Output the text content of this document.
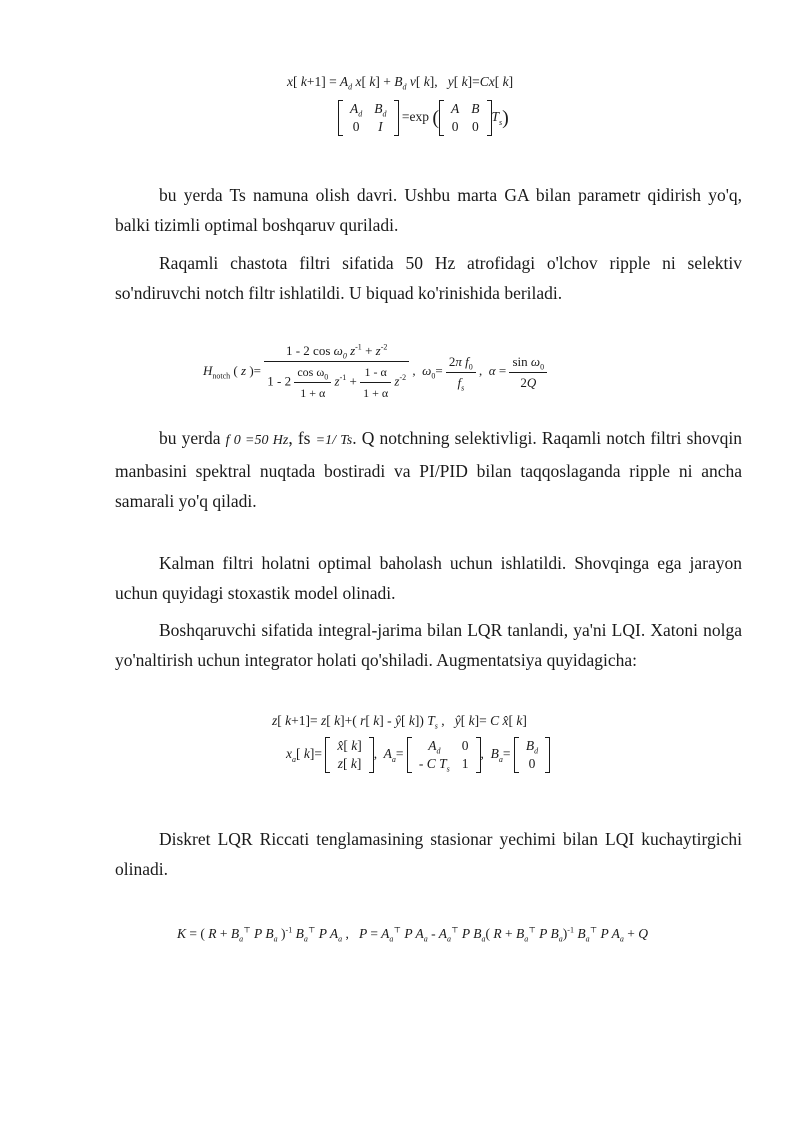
x[ $k+1] = A_d$ x[ $k] + B_d$ v[ k],   y[ k]=Cx[ k]
$A_d$	$B_d$
0	I
=exp ( A	B
0	0
$T_s$)

bu yerda Ts namuna olish davri. Ushbu marta GA bilan parametr qidirish yo'q, balki tizimli optimal boshqaruv quriladi.

Raqamli chastota filtri sifatida 50 Hz atrofidagi o'lchov ripple ni selektiv so'ndiruvchi notch filtr ishlatildi. U biquad ko'rinishida beriladi.

$H_{notch}$ ( z )=
1 - 2 $\cos \omega_0$ $z^{-1} + z^{-2}$
$1 - 2 \frac{\cos \omega_0}{1 + \alpha} z^{-1} + \frac{1 - \alpha}{1 + \alpha} z^{-2}$ ,  $\omega_0= \frac{2\pi f_0}{f_s}$ ,  $\alpha = \frac{\sin \omega_0}{2Q}$

bu yerda f 0 =50 Hz, fs =1/ Ts. Q notchning selektivligi. Raqamli notch filtri shovqin manbasini spektral nuqtada bostiradi va PI/PID bilan taqqoslaganda ripple ni ancha samarali yo'q qiladi.

Kalman filtri holatni optimal baholash uchun ishlatildi. Shovqinga ega jarayon uchun quyidagi stoxastik model olinadi.

Boshqaruvchi sifatida integral-jarima bilan LQR tanlandi, ya'ni LQI. Xatoni nolga yo'naltirish uchun integrator holati qo'shiladi. Augmentatsiya quyidagicha:

z[ k+1]= z[ k]+( r[ k] - ŷ[ k]) $T_s$ ,   ŷ[ k]= C x̂[ k]
$x_a$[ k]=
x̂[ k]
z[ k]
,  $A_a=$
$A_d$	0
- C $T_s$	1
,  $B_a=$
$B_d$
0

Diskret LQR Riccati tenglamasining stasionar yechimi bilan LQI kuchaytirgichi olinadi.

K = ( $R + B_a^⊤$ P $B_a$ )$^{-1}$ $B_a^⊤$ P $A_a$ ,   $P = A_a^⊤$ P $A_a - A_a^⊤$ P $B_a$( $R + B_a^⊤$ P $B_a)^{-1}$ $B_a^⊤$ P $A_a + Q$
